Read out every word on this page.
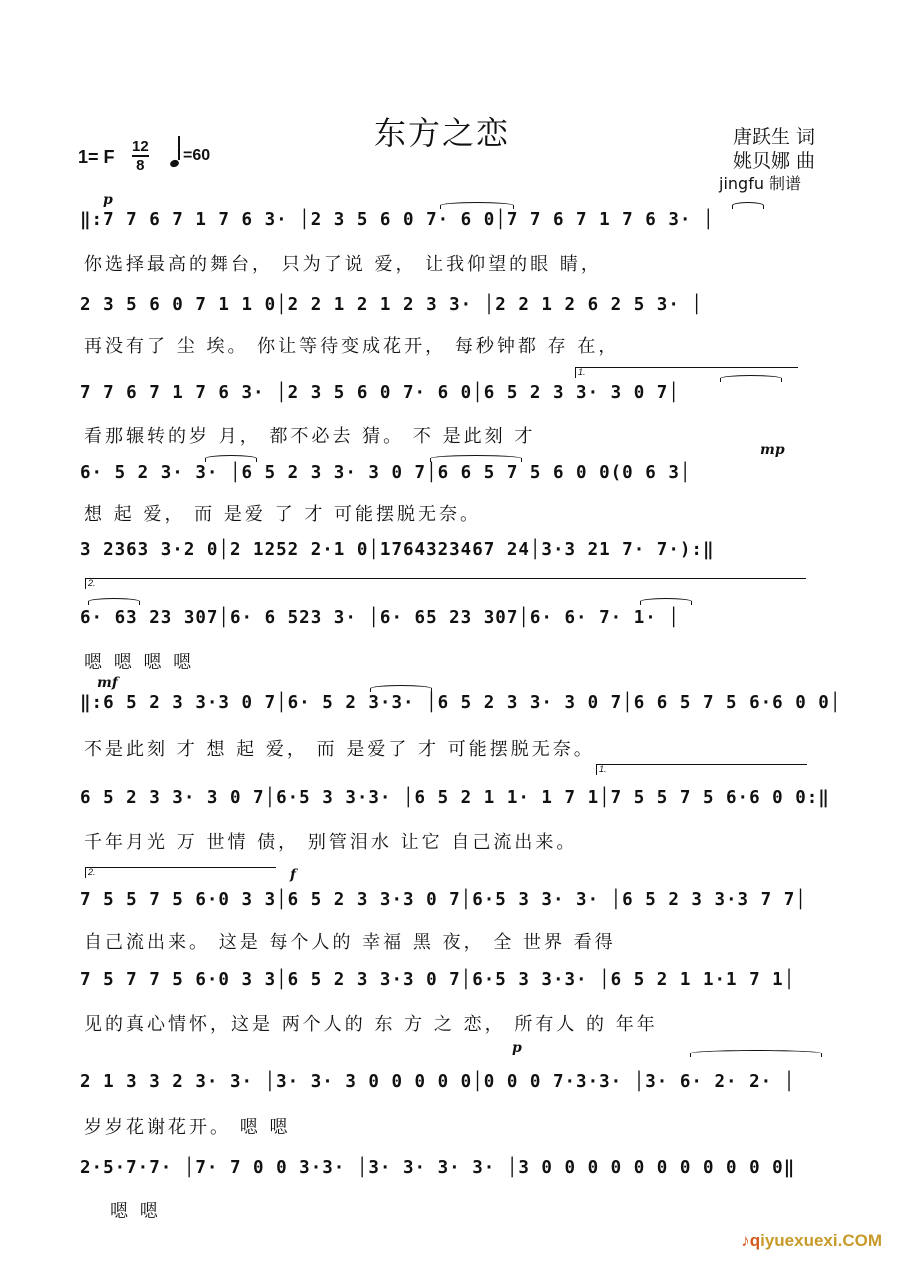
东方之恋	唐跃生 词
姚贝娜 曲
jingfu 制谱
1= F
12
8
=60
p
mp
mf
f
p
1.
2.
1.
2.
‖:7 7 6 7 1 7 6 3· │2 3 5 6 0 7· 6 0│7 7 6 7 1 7 6 3· │
你选择最高的舞台， 只为了说 爱， 让我仰望的眼 睛，
2 3 5 6 0 7 1 1 0│2 2 1 2 1 2 3 3· │2 2 1 2 6 2 5 3· │
再没有了 尘 埃。 你让等待变成花开， 每秒钟都 存 在，
7 7 6 7 1 7 6 3· │2 3 5 6 0 7· 6 0│6 5 2 3 3· 3 0 7│
看那辗转的岁 月， 都不必去 猜。 不 是此刻 才
6· 5 2 3· 3· │6 5 2 3 3· 3 0 7│6 6 5 7 5 6 0 0(0 6 3│
想 起 爱， 而 是爱 了 才 可能摆脱无奈。
3 2363 3·2 0│2 1252 2·1 0│1764323467 24│3·3 21 7· 7·):‖
6· 63 23 307│6· 6 523 3· │6· 65 23 307│6· 6· 7· 1· │
嗯 嗯 嗯 嗯
‖:6 5 2 3 3·3 0 7│6· 5 2 3·3· │6 5 2 3 3· 3 0 7│6 6 5 7 5 6·6 0 0│
不是此刻 才 想 起 爱， 而 是爱了 才 可能摆脱无奈。
6 5 2 3 3· 3 0 7│6·5 3 3·3· │6 5 2 1 1· 1 7 1│7 5 5 7 5 6·6 0 0:‖
千年月光 万 世情 债， 别管泪水 让它 自己流出来。
7 5 5 7 5 6·0 3 3│6 5 2 3 3·3 0 7│6·5 3 3· 3· │6 5 2 3 3·3 7 7│
自己流出来。 这是 每个人的 幸福 黑 夜， 全 世界 看得
7 5 7 7 5 6·0 3 3│6 5 2 3 3·3 0 7│6·5 3 3·3· │6 5 2 1 1·1 7 1│
见的真心情怀，这是 两个人的 东 方 之 恋， 所有人 的 年年
2 1 3 3 2 3· 3· │3· 3· 3 0 0 0 0 0│0 0 0 7·3·3· │3· 6· 2· 2· │
岁岁花谢花开。 嗯 嗯
2·5·7·7· │7· 7 0 0 3·3· │3· 3· 3· 3· │3 0 0 0 0 0 0 0 0 0 0 0‖
嗯 嗯
♪qiyuexuexi.COM
